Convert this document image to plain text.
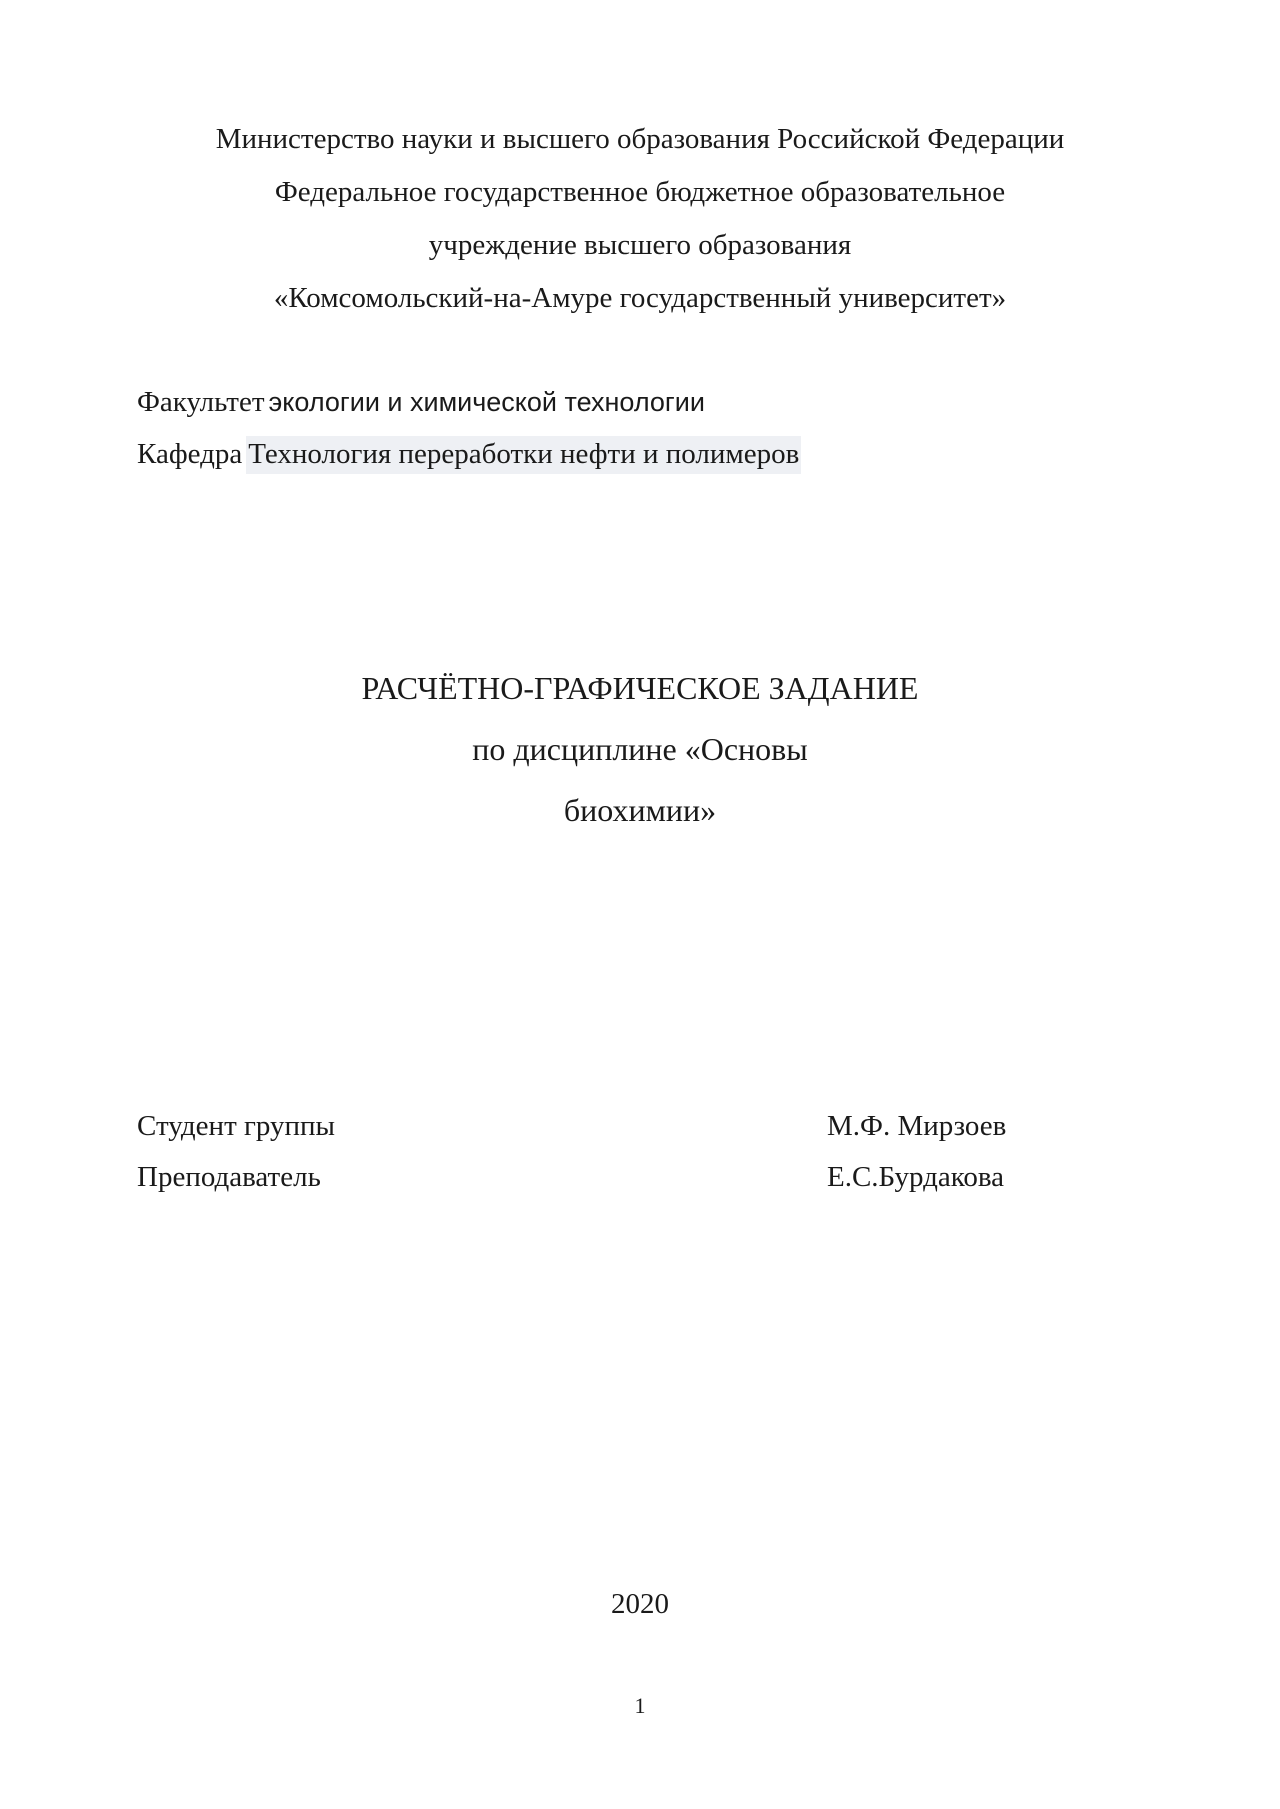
Министерство науки и высшего образования Российской Федерации
Федеральное государственное бюджетное образовательное
учреждение высшего образования
«Комсомольский-на-Амуре государственный университет»
Факультет экологии и химической технологии
Кафедра Технология переработки нефти и полимеров
РАСЧЁТНО-ГРАФИЧЕСКОЕ ЗАДАНИЕ
по дисциплине «Основы
биохимии»
Студент группы	М.Ф. Мирзоев
Преподаватель	Е.С.Бурдакова
2020
1
